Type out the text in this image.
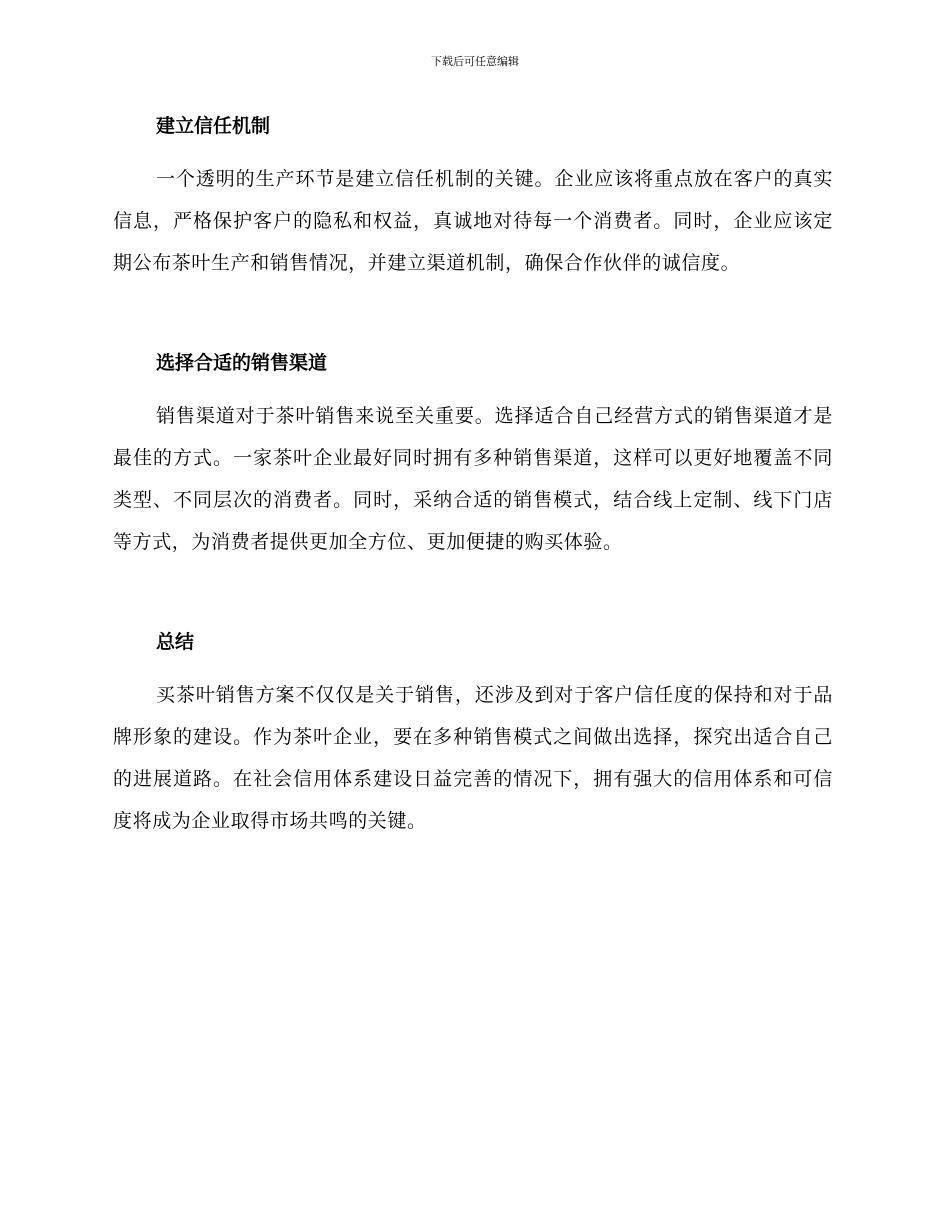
下载后可任意编辑
建立信任机制

一个透明的生产环节是建立信任机制的关键。企业应该将重点放在客户的真实信息，严格保护客户的隐私和权益，真诚地对待每一个消费者。同时，企业应该定期公布茶叶生产和销售情况，并建立渠道机制，确保合作伙伴的诚信度。

选择合适的销售渠道

销售渠道对于茶叶销售来说至关重要。选择适合自己经营方式的销售渠道才是最佳的方式。一家茶叶企业最好同时拥有多种销售渠道，这样可以更好地覆盖不同类型、不同层次的消费者。同时，采纳合适的销售模式，结合线上定制、线下门店等方式，为消费者提供更加全方位、更加便捷的购买体验。

总结

买茶叶销售方案不仅仅是关于销售，还涉及到对于客户信任度的保持和对于品牌形象的建设。作为茶叶企业，要在多种销售模式之间做出选择，探究出适合自己的进展道路。在社会信用体系建设日益完善的情况下，拥有强大的信用体系和可信度将成为企业取得市场共鸣的关键。
